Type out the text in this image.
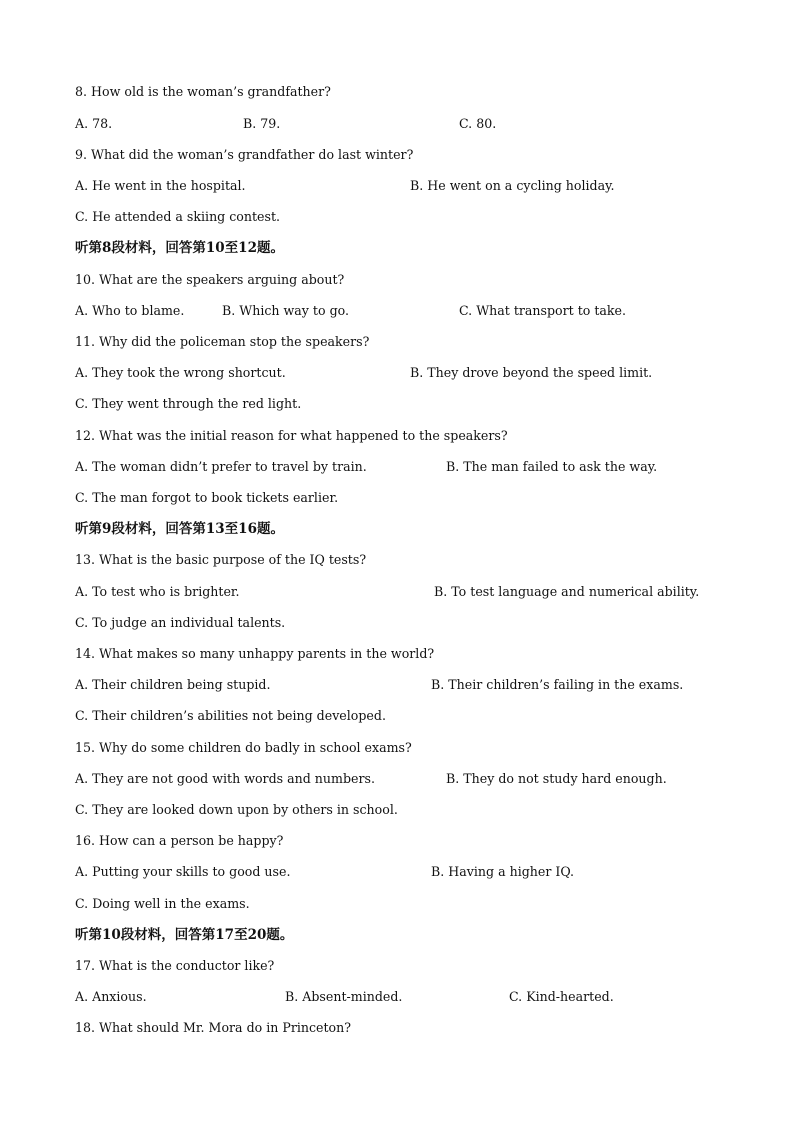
8. How old is the woman’s grandfather?
A. 78.	B. 79.	C. 80.
9. What did the woman’s grandfather do last winter?
A. He went in the hospital.	B. He went on a cycling holiday.
C. He attended a skiing contest.
听第8段材料，回答第10至12题。
10. What are the speakers arguing about?
A. Who to blame.	B. Which way to go.	C. What transport to take.
11. Why did the policeman stop the speakers?
A. They took the wrong shortcut.	B. They drove beyond the speed limit.
C. They went through the red light.
12. What was the initial reason for what happened to the speakers?
A. The woman didn’t prefer to travel by train.	B. The man failed to ask the way.
C. The man forgot to book tickets earlier.
听第9段材料，回答第13至16题。
13. What is the basic purpose of the IQ tests?
A. To test who is brighter.	B. To test language and numerical ability.
C. To judge an individual talents.
14. What makes so many unhappy parents in the world?
A. Their children being stupid.	B. Their children’s failing in the exams.
C. Their children’s abilities not being developed.
15. Why do some children do badly in school exams?
A. They are not good with words and numbers.	B. They do not study hard enough.
C. They are looked down upon by others in school.
16. How can a person be happy?
A. Putting your skills to good use.	B. Having a higher IQ.
C. Doing well in the exams.
听第10段材料，回答第17至20题。
17. What is the conductor like?
A. Anxious.	B. Absent-minded.	C. Kind-hearted.
18. What should Mr. Mora do in Princeton?
